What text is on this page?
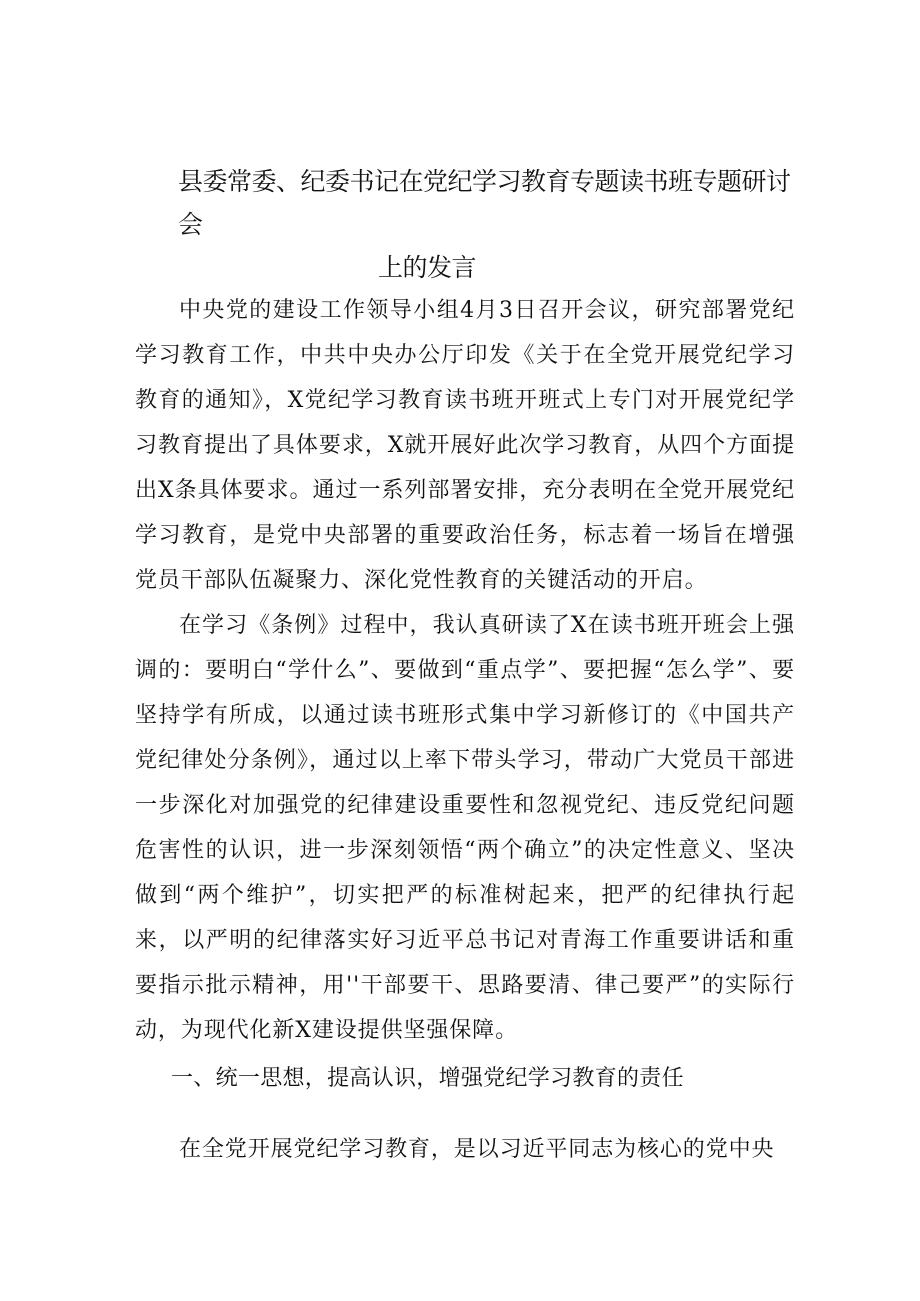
县委常委、纪委书记在党纪学习教育专题读书班专题研讨会
上的发言

中央党的建设工作领导小组4月3日召开会议，研究部署党纪学习教育工作，中共中央办公厅印发《关于在全党开展党纪学习教育的通知》，X党纪学习教育读书班开班式上专门对开展党纪学习教育提出了具体要求，X就开展好此次学习教育，从四个方面提出X条具体要求。通过一系列部署安排，充分表明在全党开展党纪学习教育，是党中央部署的重要政治任务，标志着一场旨在增强党员干部队伍凝聚力、深化党性教育的关键活动的开启。

在学习《条例》过程中，我认真研读了X在读书班开班会上强调的：要明白“学什么”、要做到“重点学”、要把握“怎么学”、要坚持学有所成，以通过读书班形式集中学习新修订的《中国共产党纪律处分条例》，通过以上率下带头学习，带动广大党员干部进一步深化对加强党的纪律建设重要性和忽视党纪、违反党纪问题危害性的认识，进一步深刻领悟“两个确立”的决定性意义、坚决做到“两个维护”，切实把严的标准树起来，把严的纪律执行起来，以严明的纪律落实好习近平总书记对青海工作重要讲话和重要指示批示精神，用''干部要干、思路要清、律己要严”的实际行动，为现代化新X建设提供坚强保障。

一、统一思想，提高认识，增强党纪学习教育的责任

在全党开展党纪学习教育，是以习近平同志为核心的党中央
